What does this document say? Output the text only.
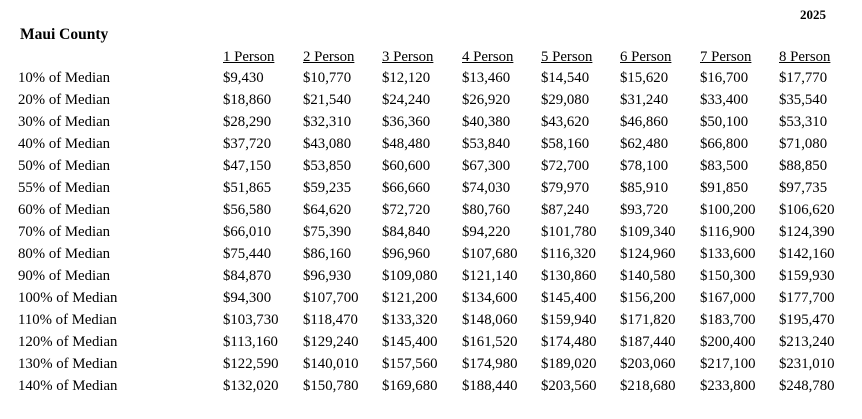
2025
Maui County
	1 Person	2 Person	3 Person	4 Person	5 Person	6 Person	7 Person	8 Person
10% of Median	$9,430	$10,770	$12,120	$13,460	$14,540	$15,620	$16,700	$17,770
20% of Median	$18,860	$21,540	$24,240	$26,920	$29,080	$31,240	$33,400	$35,540
30% of Median	$28,290	$32,310	$36,360	$40,380	$43,620	$46,860	$50,100	$53,310
40% of Median	$37,720	$43,080	$48,480	$53,840	$58,160	$62,480	$66,800	$71,080
50% of Median	$47,150	$53,850	$60,600	$67,300	$72,700	$78,100	$83,500	$88,850
55% of Median	$51,865	$59,235	$66,660	$74,030	$79,970	$85,910	$91,850	$97,735
60% of Median	$56,580	$64,620	$72,720	$80,760	$87,240	$93,720	$100,200	$106,620
70% of Median	$66,010	$75,390	$84,840	$94,220	$101,780	$109,340	$116,900	$124,390
80% of Median	$75,440	$86,160	$96,960	$107,680	$116,320	$124,960	$133,600	$142,160
90% of Median	$84,870	$96,930	$109,080	$121,140	$130,860	$140,580	$150,300	$159,930
100% of Median	$94,300	$107,700	$121,200	$134,600	$145,400	$156,200	$167,000	$177,700
110% of Median	$103,730	$118,470	$133,320	$148,060	$159,940	$171,820	$183,700	$195,470
120% of Median	$113,160	$129,240	$145,400	$161,520	$174,480	$187,440	$200,400	$213,240
130% of Median	$122,590	$140,010	$157,560	$174,980	$189,020	$203,060	$217,100	$231,010
140% of Median	$132,020	$150,780	$169,680	$188,440	$203,560	$218,680	$233,800	$248,780
